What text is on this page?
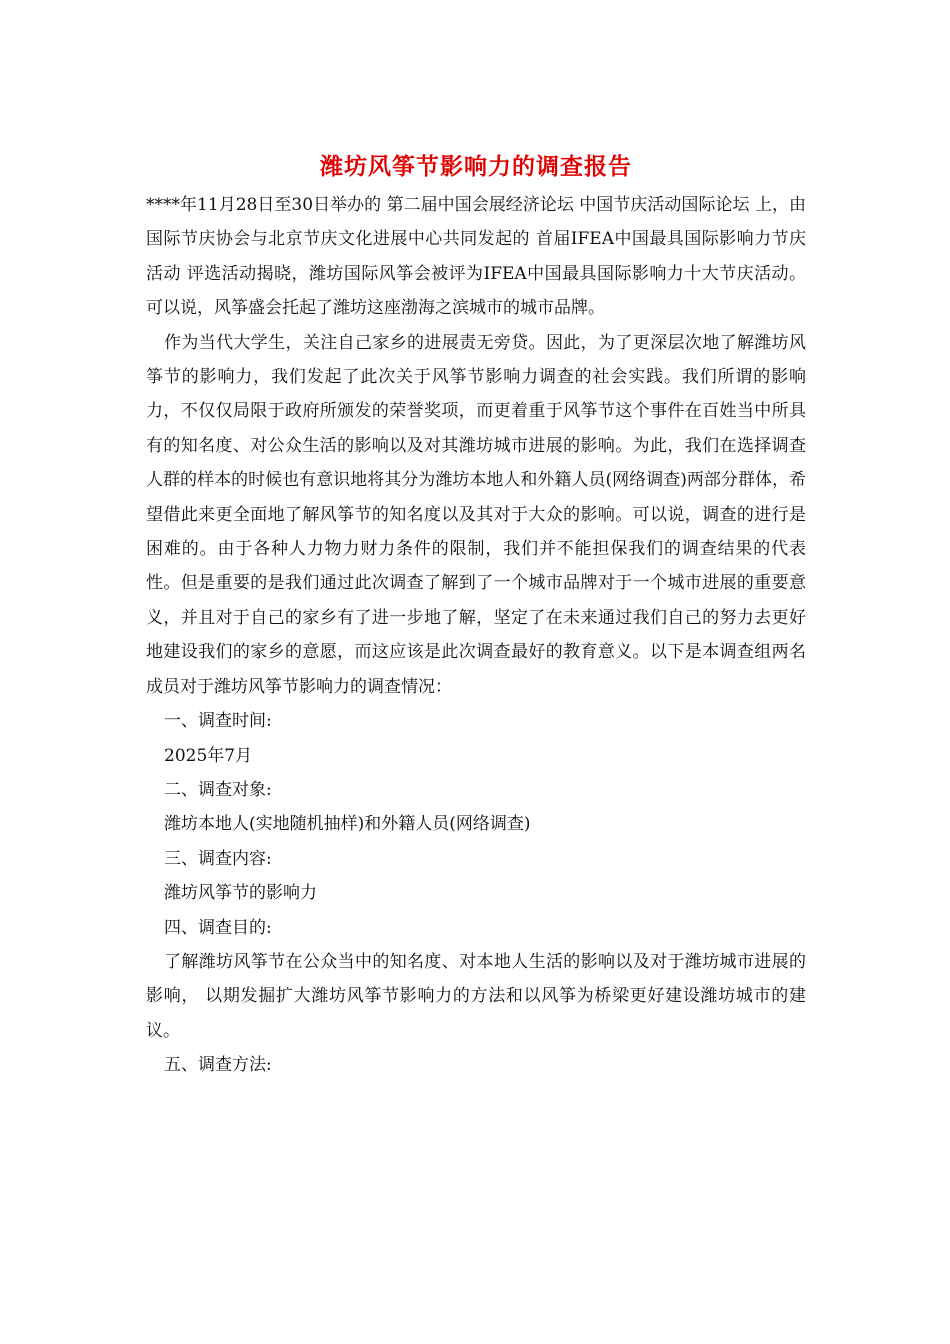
潍坊风筝节影响力的调查报告

****年11月28日至30日举办的 第二届中国会展经济论坛 中国节庆活动国际论坛 上，由国际节庆协会与北京节庆文化进展中心共同发起的 首届IFEA中国最具国际影响力节庆活动 评选活动揭晓，潍坊国际风筝会被评为IFEA中国最具国际影响力十大节庆活动。可以说，风筝盛会托起了潍坊这座渤海之滨城市的城市品牌。

作为当代大学生，关注自己家乡的进展责无旁贷。因此，为了更深层次地了解潍坊风筝节的影响力，我们发起了此次关于风筝节影响力调查的社会实践。我们所谓的影响力，不仅仅局限于政府所颁发的荣誉奖项，而更着重于风筝节这个事件在百姓当中所具有的知名度、对公众生活的影响以及对其潍坊城市进展的影响。为此，我们在选择调查人群的样本的时候也有意识地将其分为潍坊本地人和外籍人员(网络调查)两部分群体，希望借此来更全面地了解风筝节的知名度以及其对于大众的影响。可以说，调查的进行是困难的。由于各种人力物力财力条件的限制，我们并不能担保我们的调查结果的代表性。但是重要的是我们通过此次调查了解到了一个城市品牌对于一个城市进展的重要意义，并且对于自己的家乡有了进一步地了解，坚定了在未来通过我们自己的努力去更好地建设我们的家乡的意愿，而这应该是此次调查最好的教育意义。以下是本调查组两名成员对于潍坊风筝节影响力的调查情况：

一、调查时间:

2025年7月

二、调查对象:

潍坊本地人(实地随机抽样)和外籍人员(网络调查)

三、调查内容:

潍坊风筝节的影响力

四、调查目的:

了解潍坊风筝节在公众当中的知名度、对本地人生活的影响以及对于潍坊城市进展的影响， 以期发掘扩大潍坊风筝节影响力的方法和以风筝为桥梁更好建设潍坊城市的建议。

五、调查方法:
